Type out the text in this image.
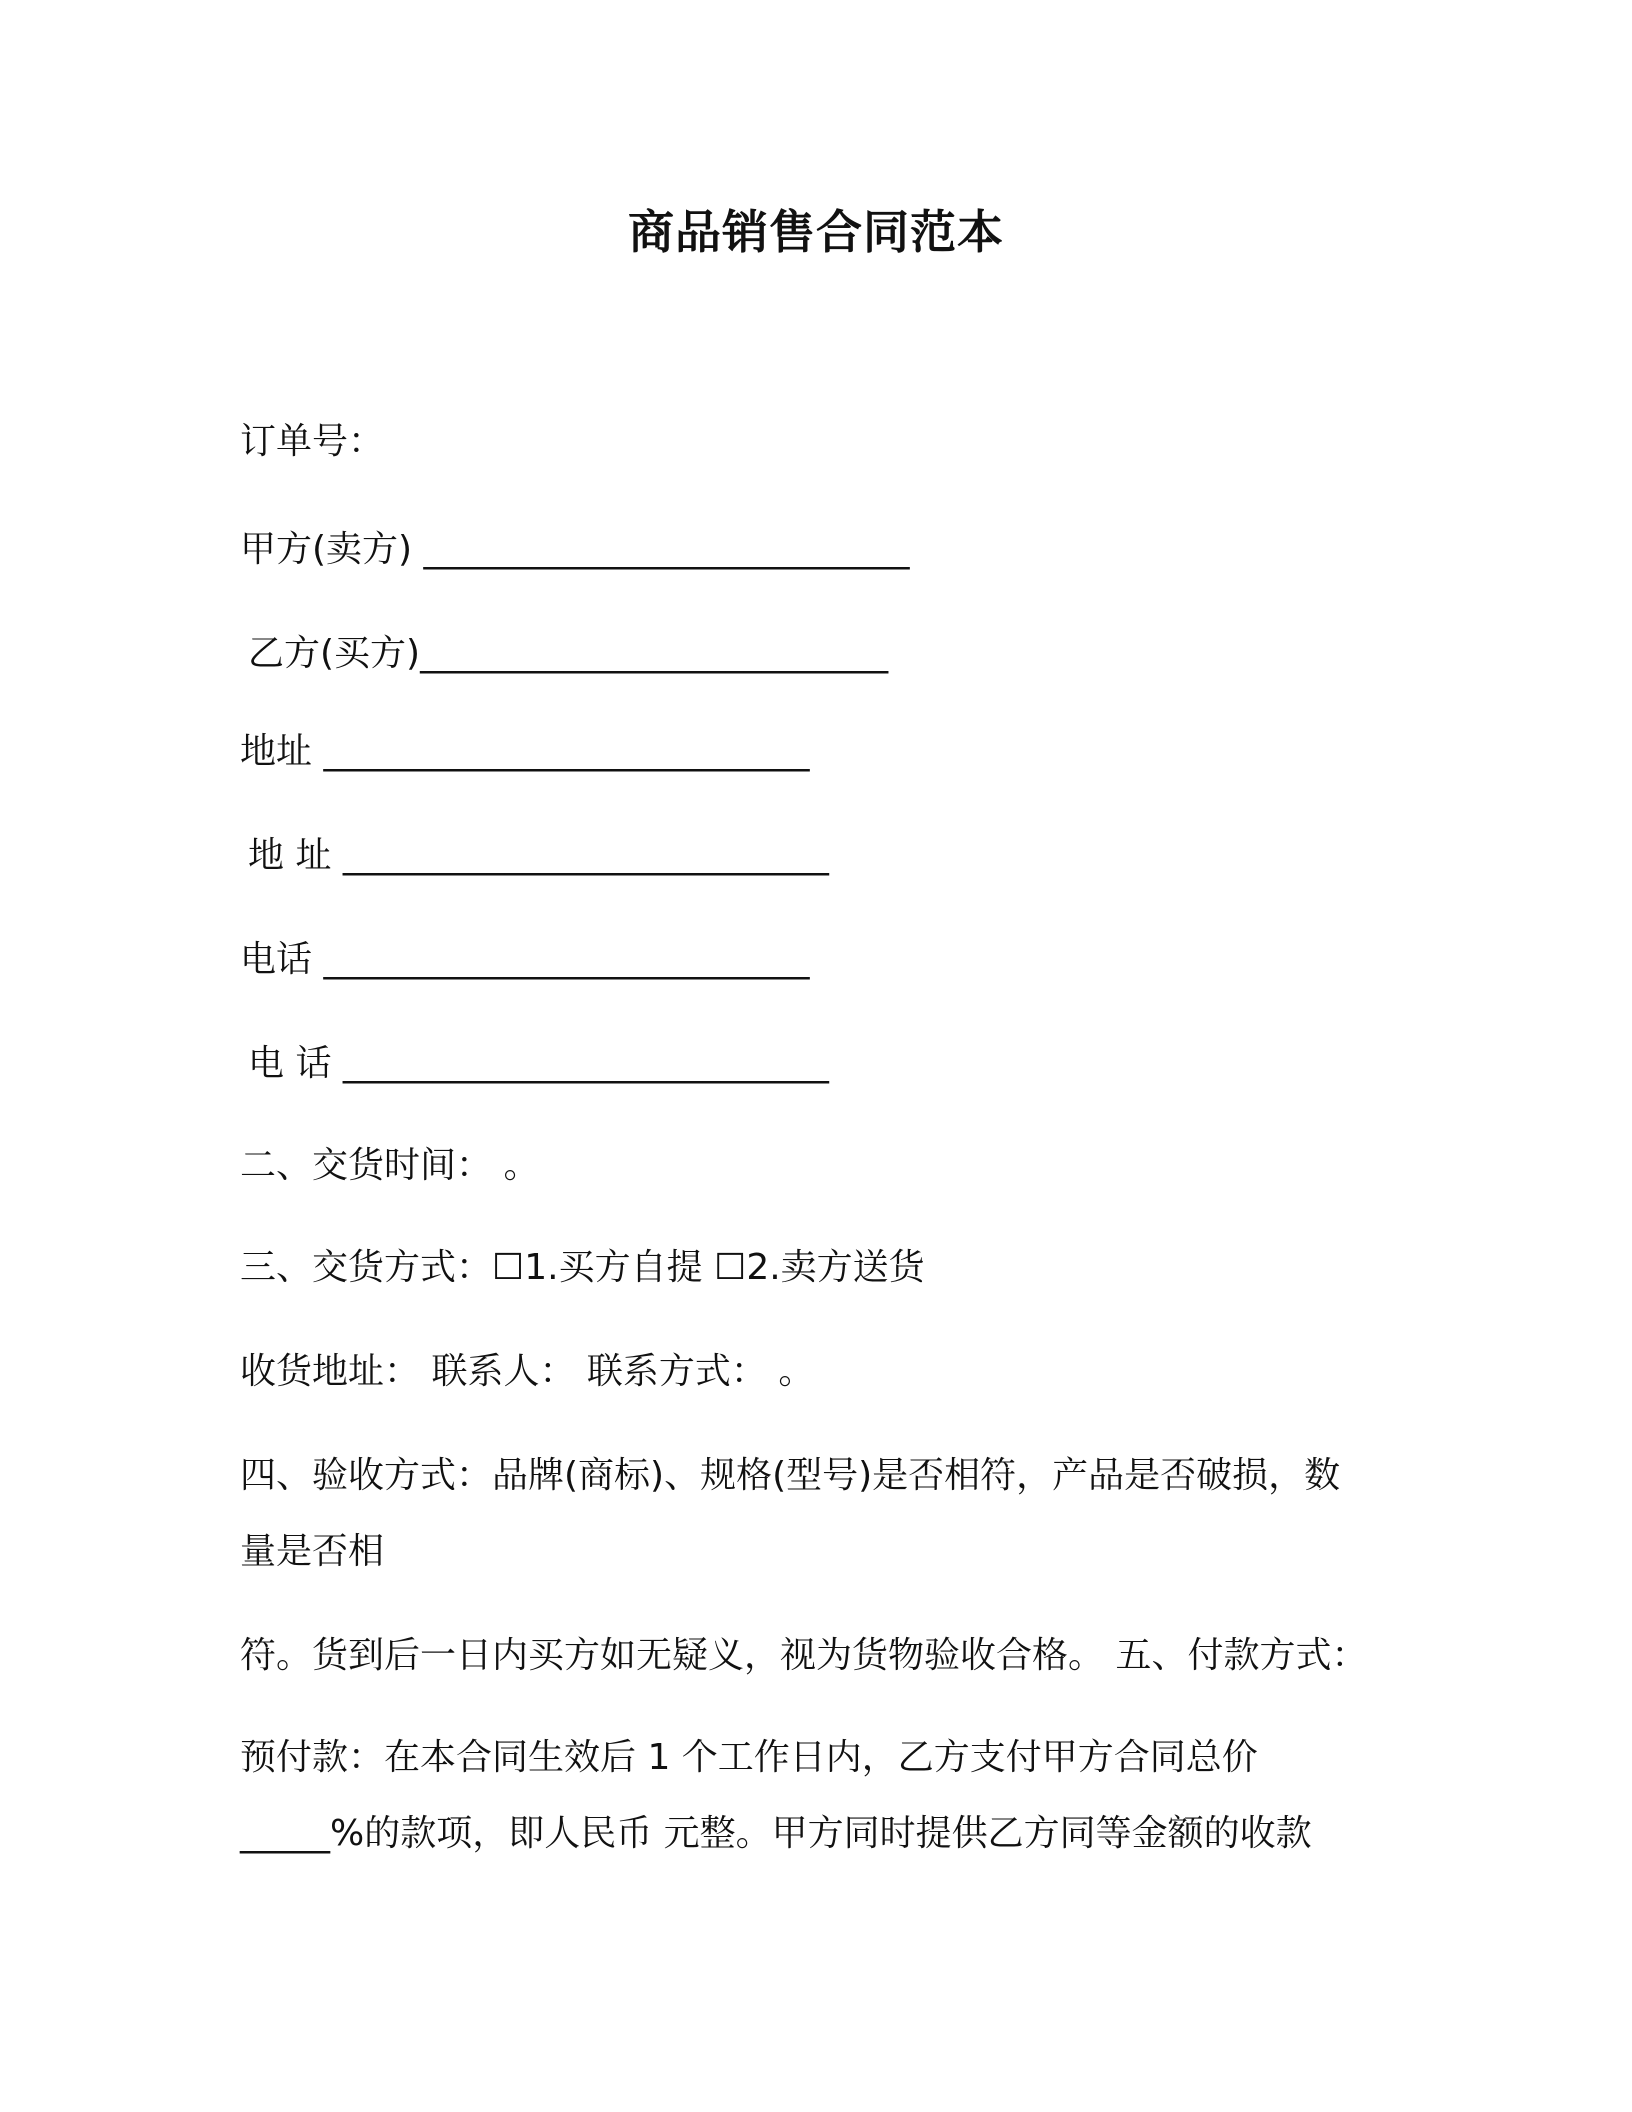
商品销售合同范本
订单号：
甲方(卖方) ___________________________
乙方(买方)__________________________
地址 ___________________________
地 址 ___________________________
电话 ___________________________
电 话 ___________________________
二、交货时间： 。
三、交货方式：☐1.买方自提 ☐2.卖方送货
收货地址： 联系人： 联系方式： 。
四、验收方式：品牌(商标)、规格(型号)是否相符，产品是否破损，数
量是否相
符。货到后一日内买方如无疑义，视为货物验收合格。 五、付款方式：
预付款：在本合同生效后 1 个工作日内，乙方支付甲方合同总价
_____%的款项，即人民币 元整。甲方同时提供乙方同等金额的收款
